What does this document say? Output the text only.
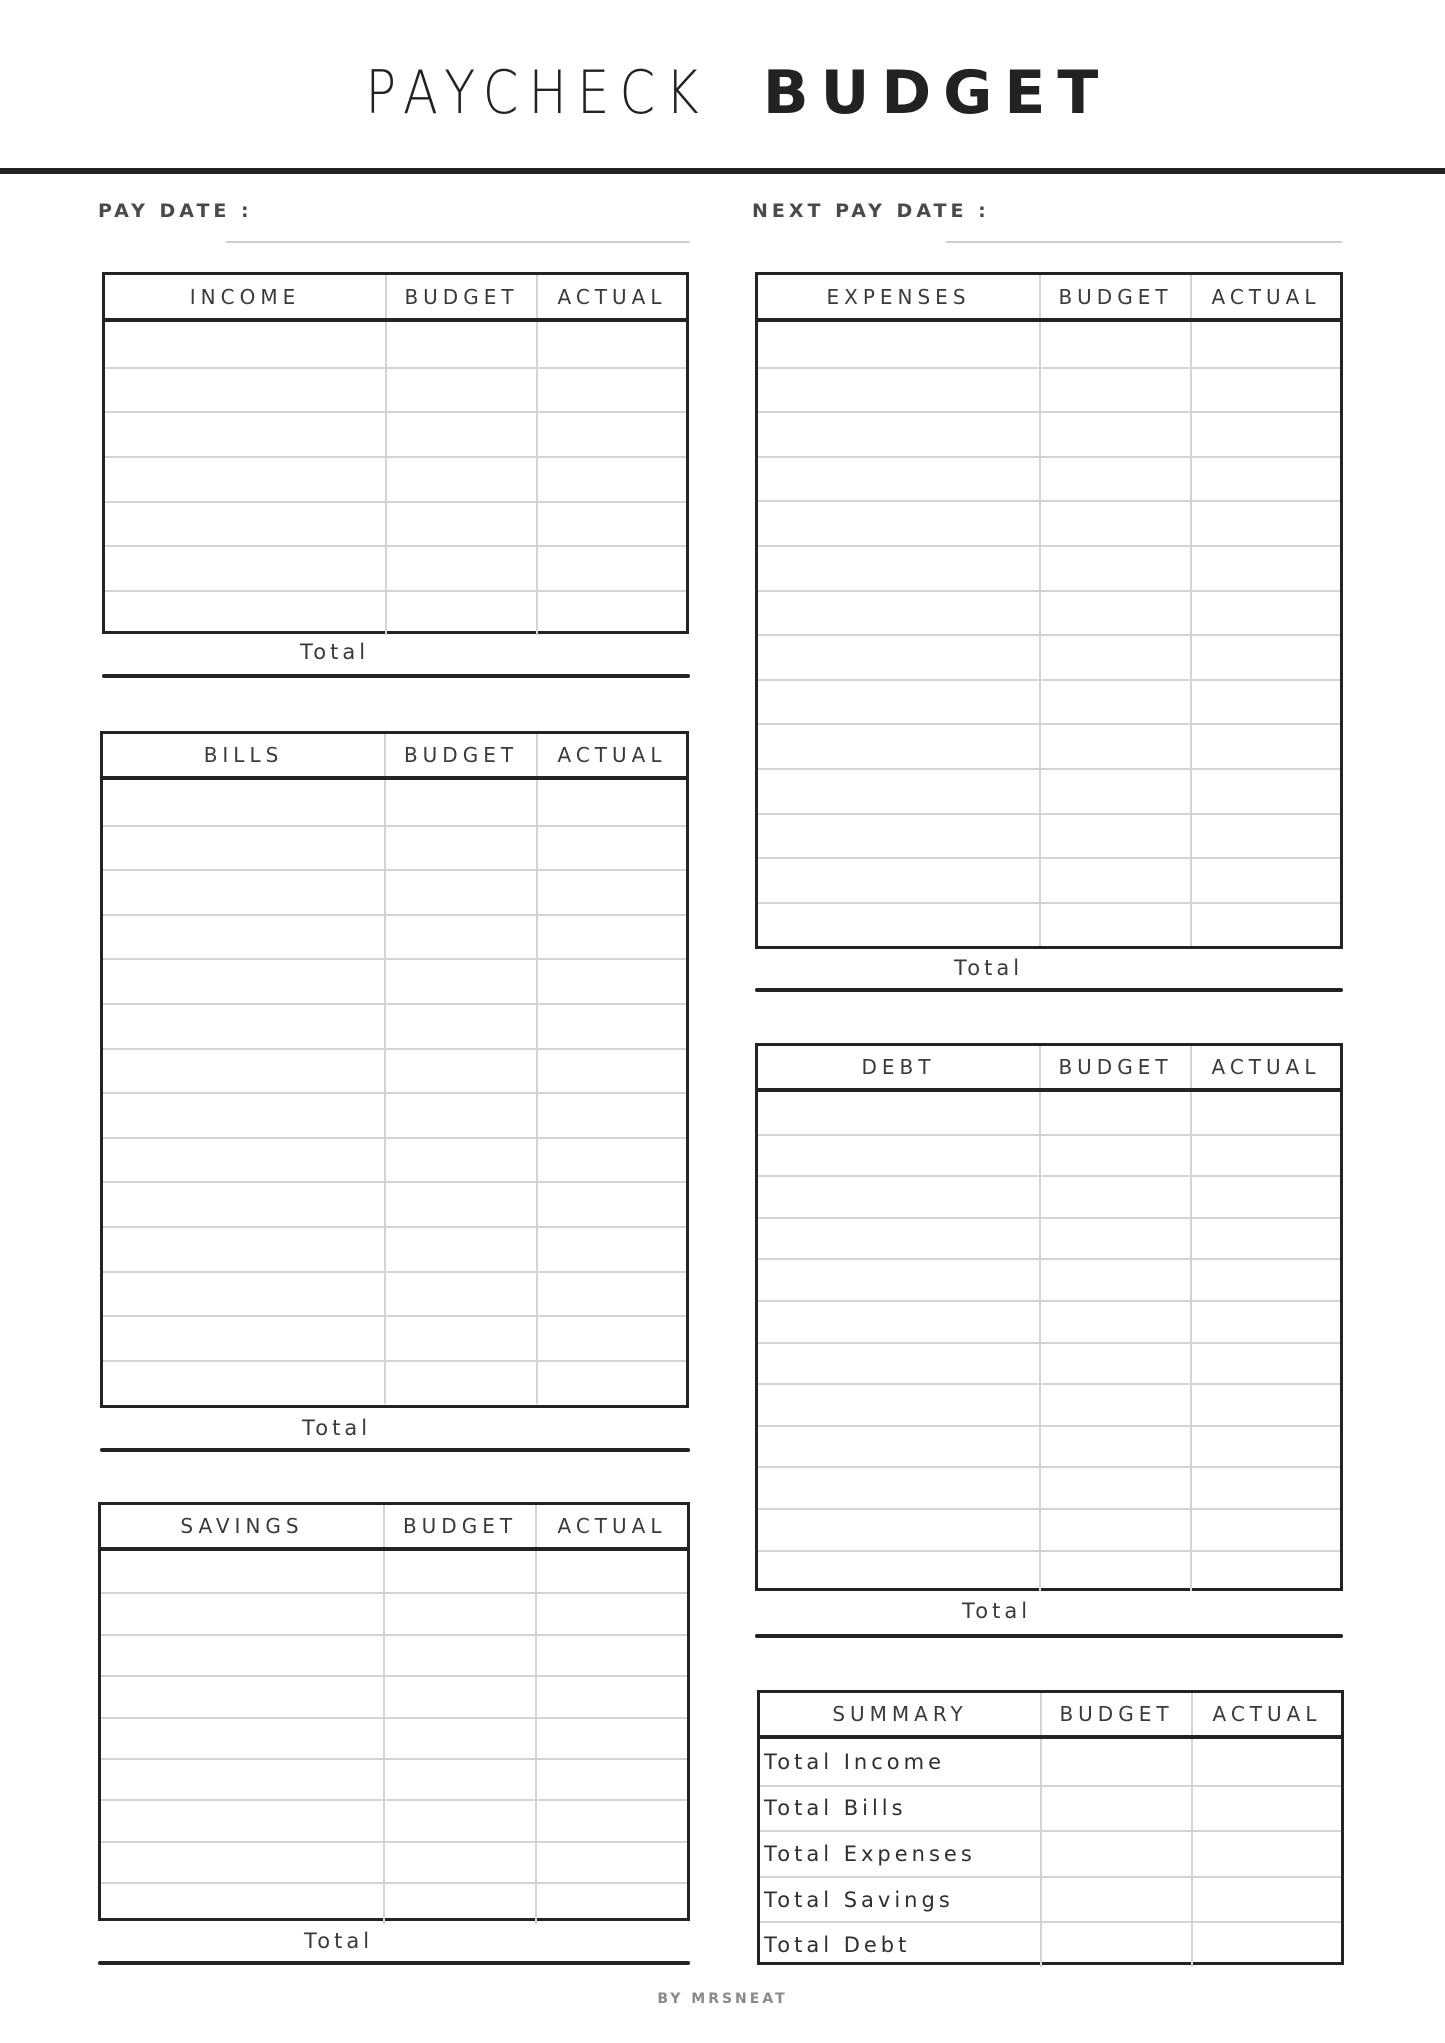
PAYCHECK BUDGET
PAY DATE :	NEXT PAY DATE :
INCOME	BUDGET	ACTUAL
Total
BILLS	BUDGET	ACTUAL
Total
SAVINGS	BUDGET	ACTUAL
Total
EXPENSES	BUDGET	ACTUAL
Total
DEBT	BUDGET	ACTUAL
Total
SUMMARY	BUDGET	ACTUAL
Total Income
Total Bills
Total Expenses
Total Savings
Total Debt
BY MRSNEAT
